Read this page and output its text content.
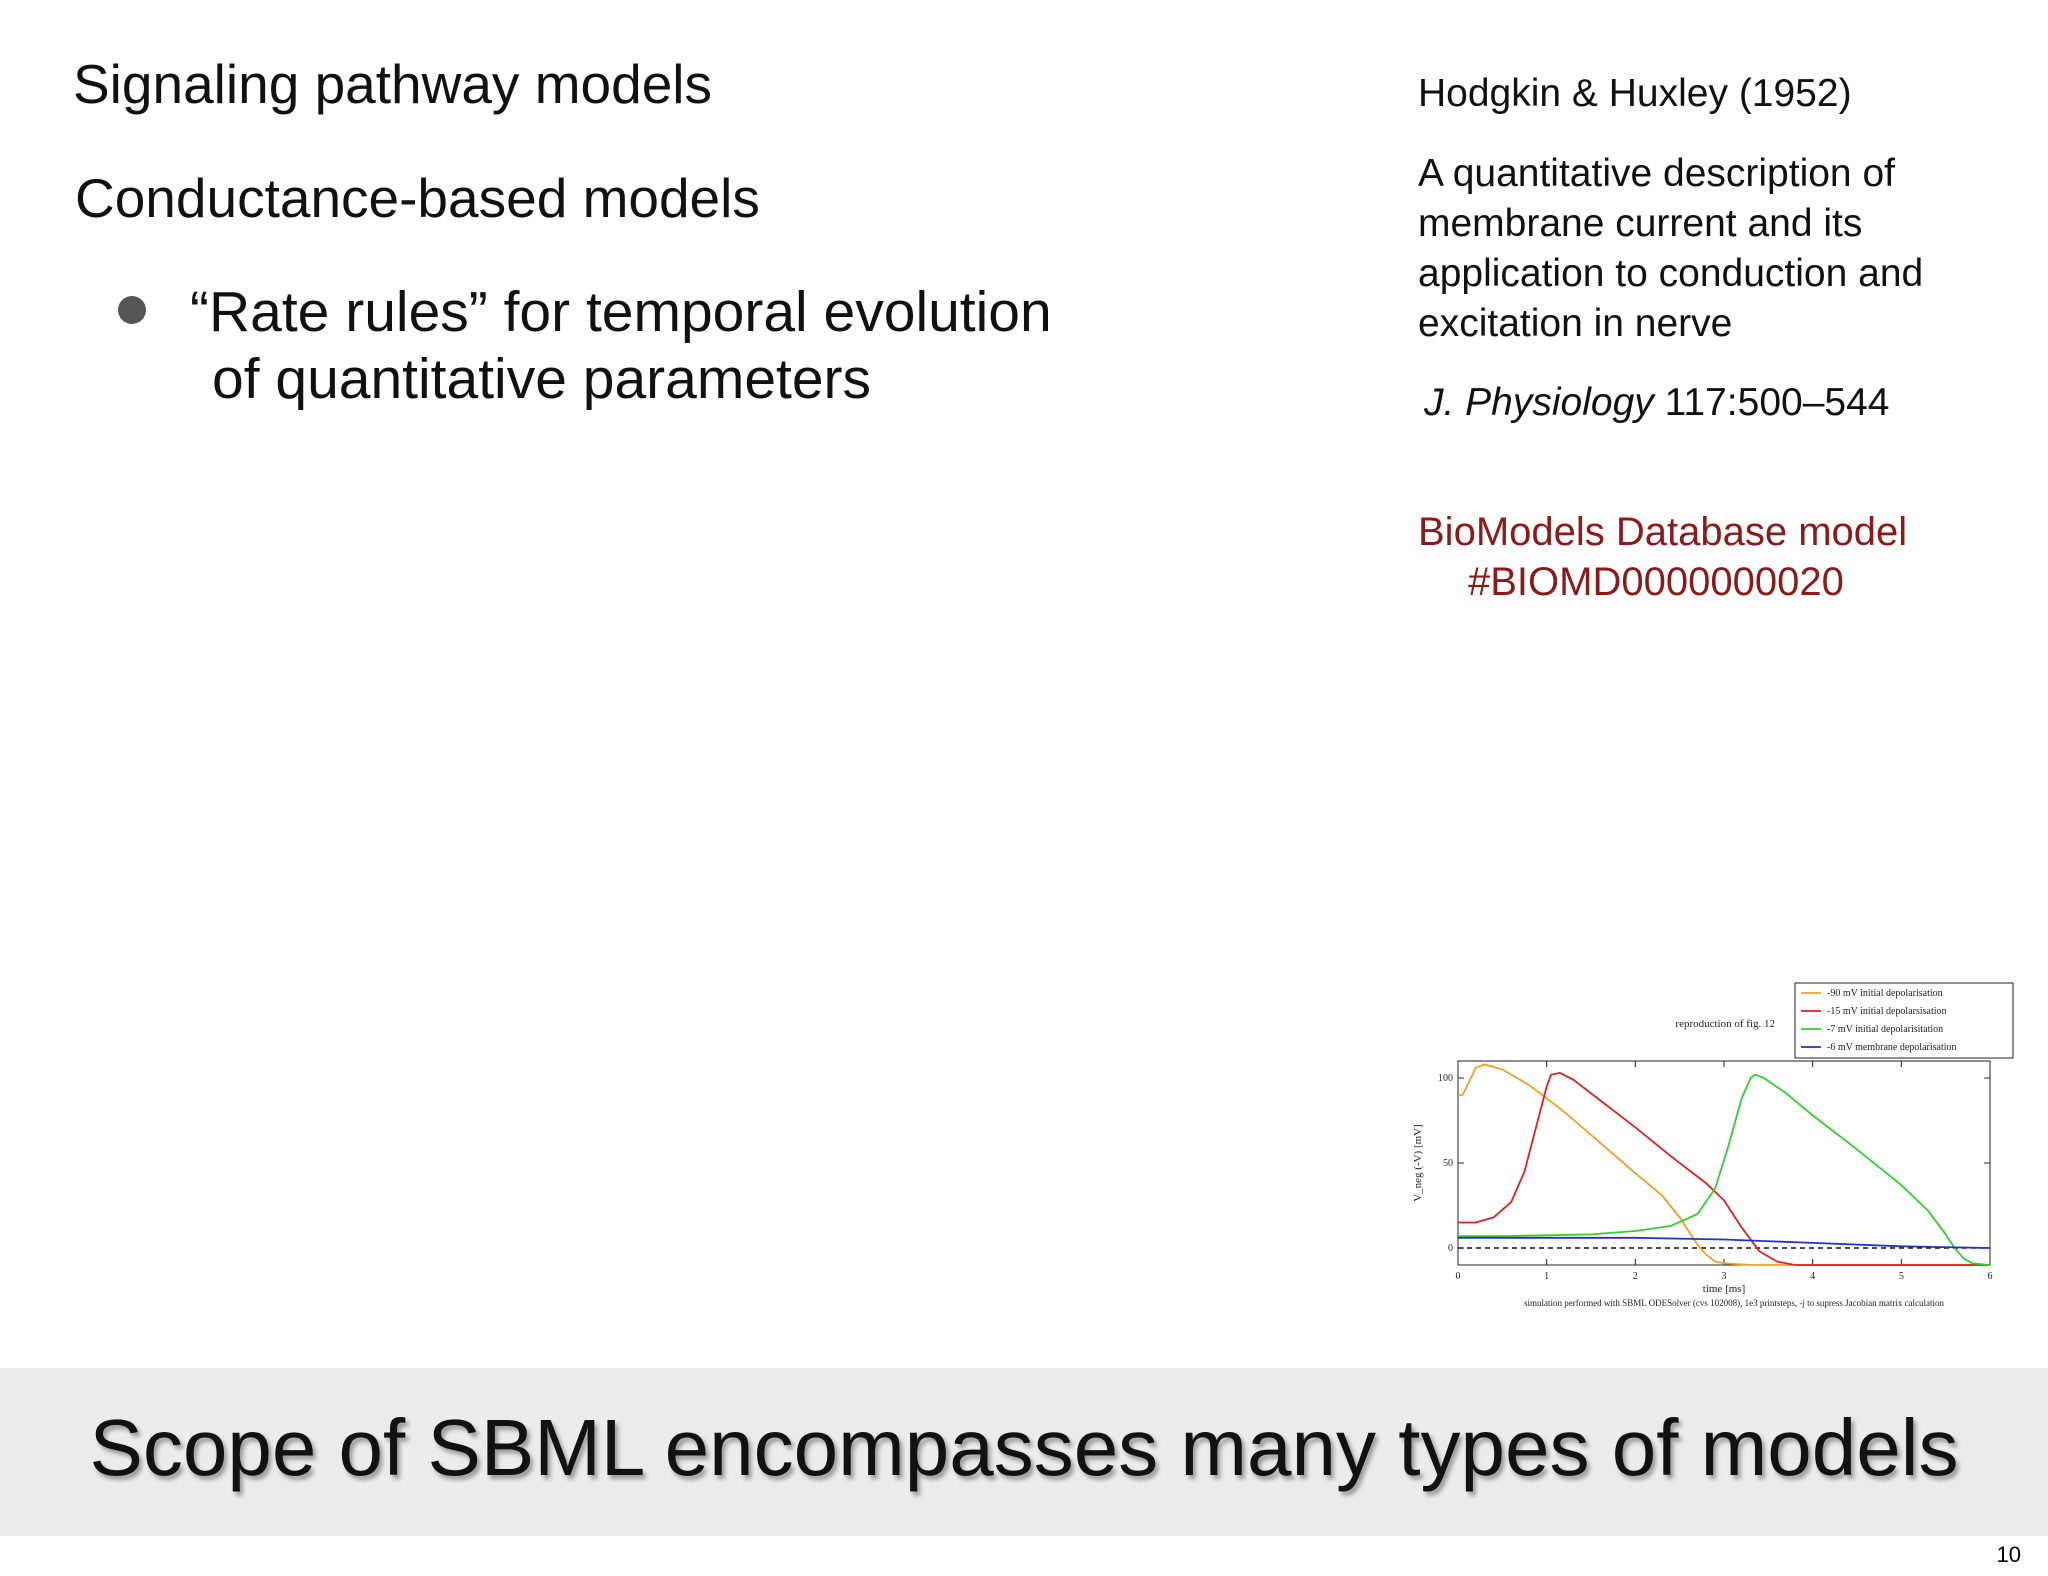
Signaling pathway models
Conductance-based models
“Rate rules” for temporal evolution
of quantitative parameters
Hodgkin & Huxley (1952)
A quantitative description of
membrane current and its
application to conduction and
excitation in nerve
J. Physiology 117:500–544
BioModels Database model
#BIOMD0000000020
0	1	2	3	4	5	6
0
50
100
reproduction of fig. 12
time [ms]
V_neg (-V) [mV]
simulation performed with SBML ODESolver (cvs 102008), 1e3 printsteps, -j to supress Jacobian matrix calculation
-90 mV initial depolarisation
-15 mV initial depolarsisation
-7 mV initial depolarisitation
-6 mV membrane depolarisation
Scope of SBML encompasses many types of models
10
